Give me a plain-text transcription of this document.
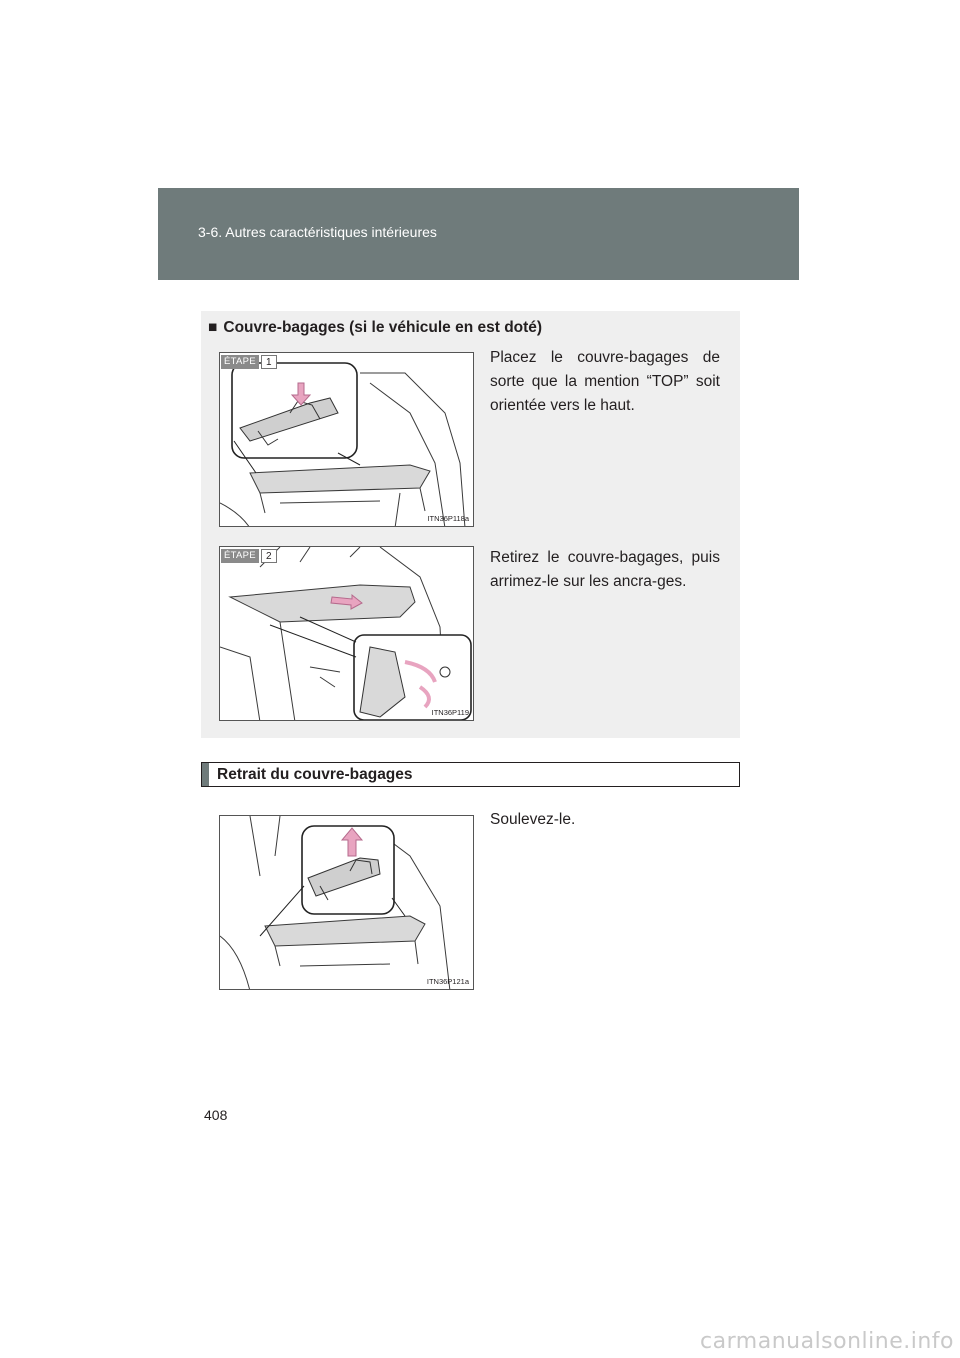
3-6. Autres caractéristiques intérieures
■ Couvre-bagages (si le véhicule en est doté)
ÉTAPE	1
ITN36P118a
Placez le couvre-bagages de sorte que la mention “TOP” soit orientée vers le haut.
ÉTAPE	2
ITN36P119
Retirez le couvre-bagages, puis arrimez-le sur les ancra-ges.
Retrait du couvre-bagages
ITN36P121a
Soulevez-le.
408
carmanualsonline.info
